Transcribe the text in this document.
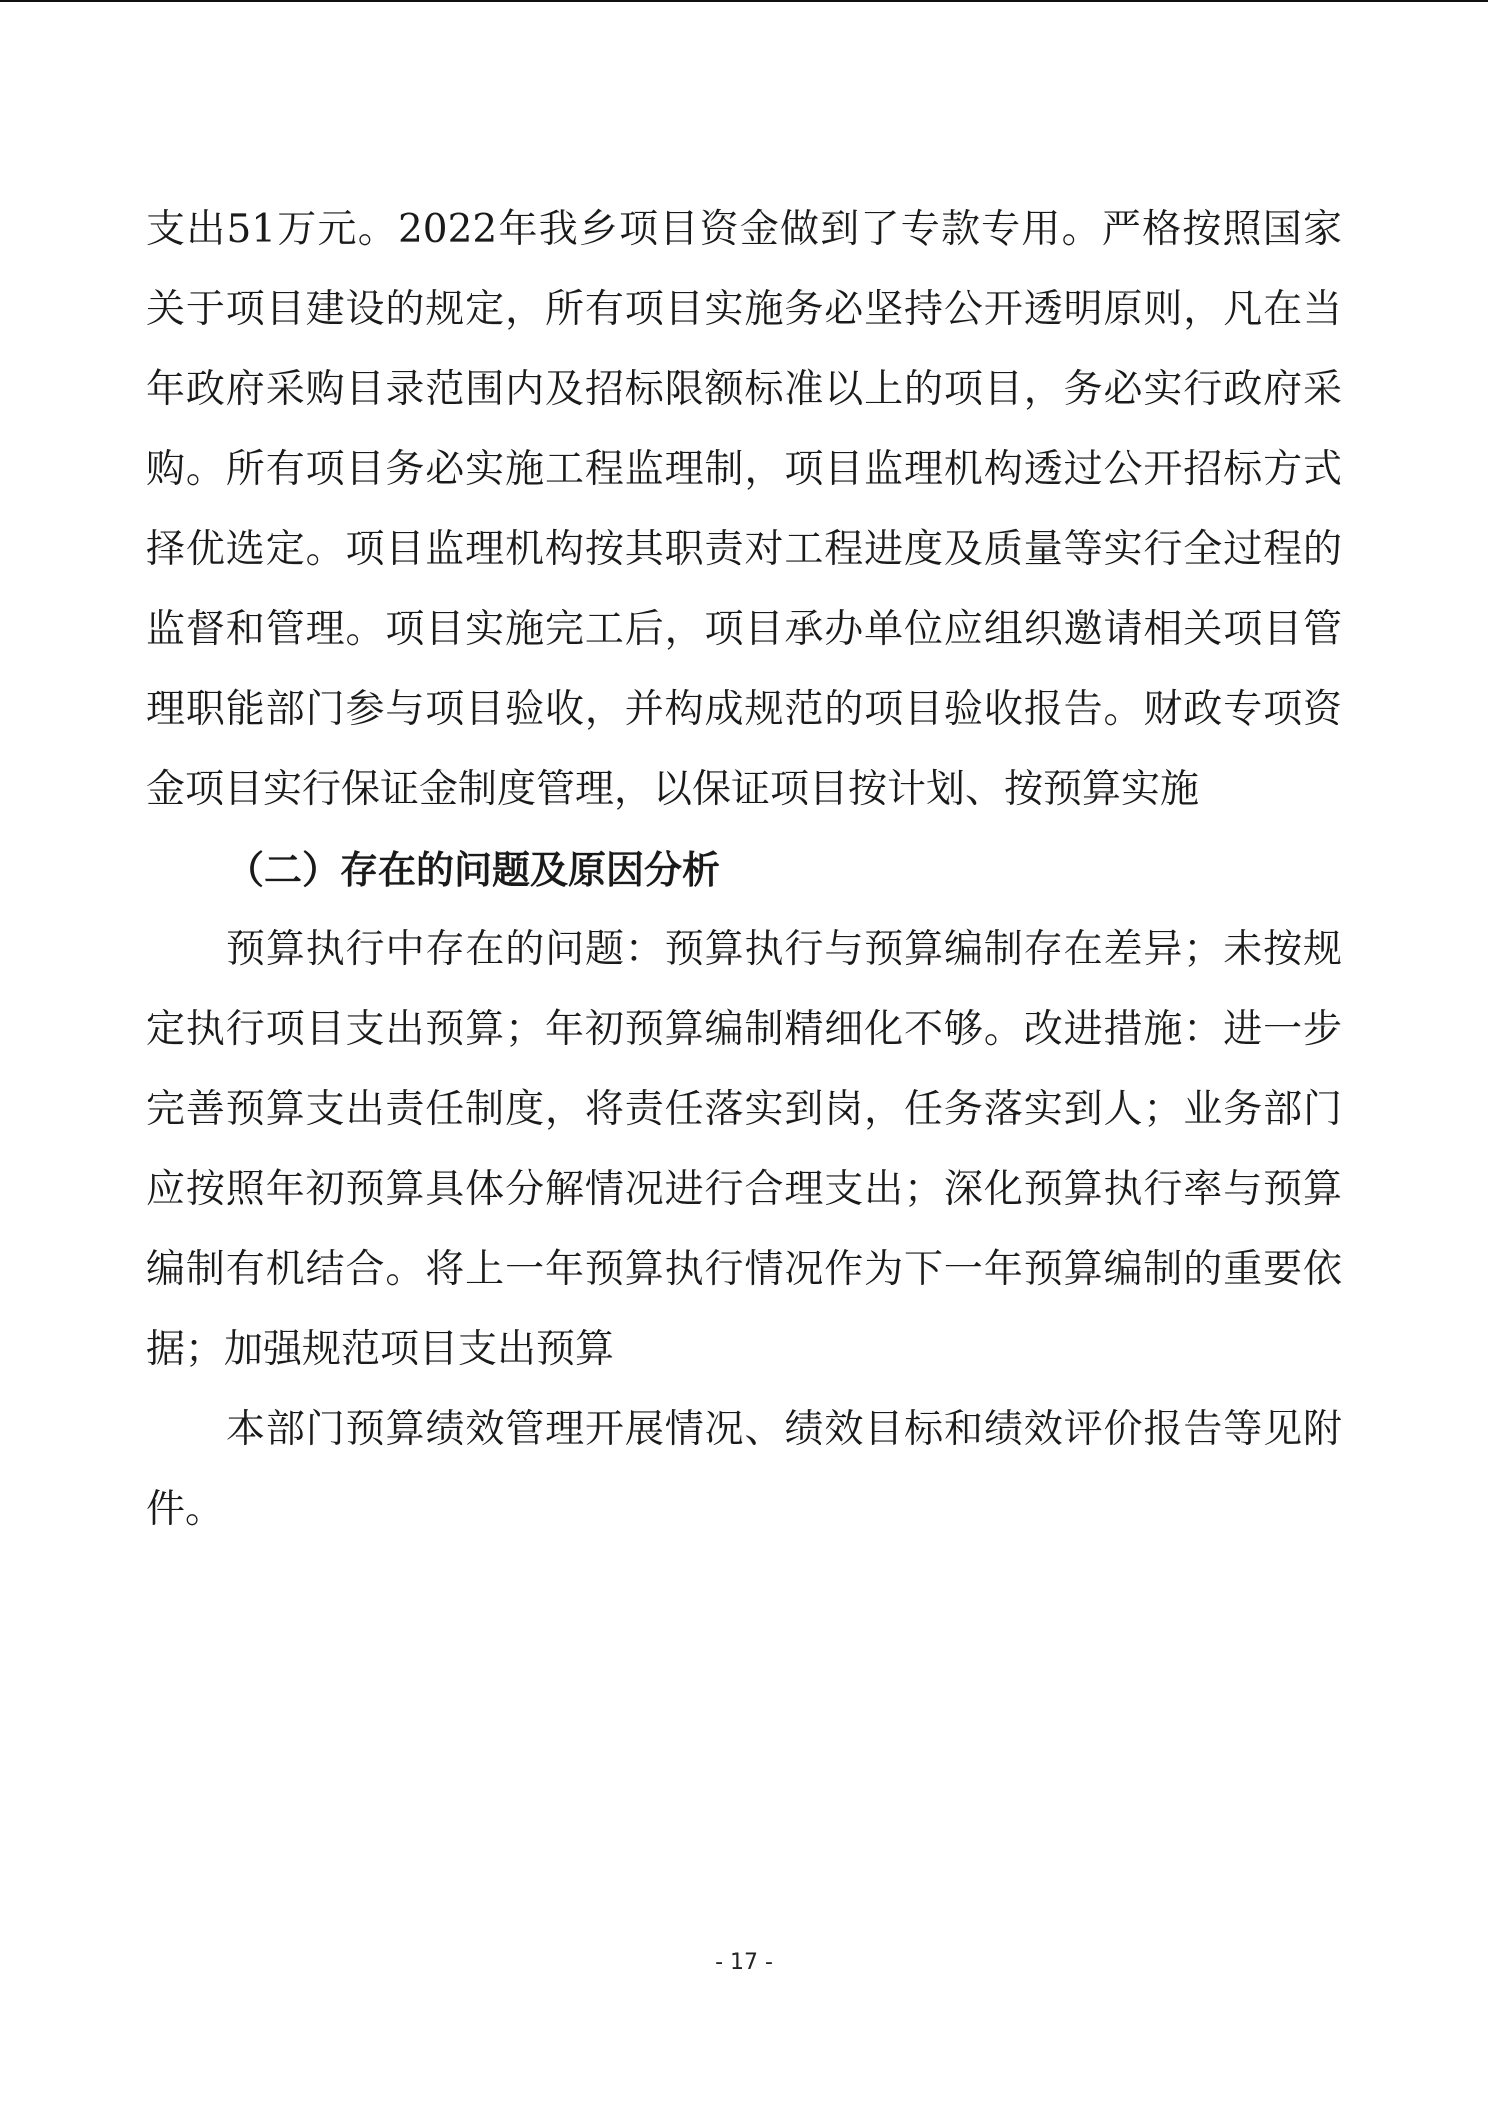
支出51万元。2022年我乡项目资金做到了专款专用。严格按照国家
关于项目建设的规定，所有项目实施务必坚持公开透明原则，凡在当
年政府采购目录范围内及招标限额标准以上的项目，务必实行政府采
购。所有项目务必实施工程监理制，项目监理机构透过公开招标方式
择优选定。项目监理机构按其职责对工程进度及质量等实行全过程的
监督和管理。项目实施完工后，项目承办单位应组织邀请相关项目管
理职能部门参与项目验收，并构成规范的项目验收报告。财政专项资
金项目实行保证金制度管理，以保证项目按计划、按预算实施
（二）存在的问题及原因分析
预算执行中存在的问题：预算执行与预算编制存在差异；未按规
定执行项目支出预算；年初预算编制精细化不够。改进措施：进一步
完善预算支出责任制度，将责任落实到岗，任务落实到人；业务部门
应按照年初预算具体分解情况进行合理支出；深化预算执行率与预算
编制有机结合。将上一年预算执行情况作为下一年预算编制的重要依
据；加强规范项目支出预算
本部门预算绩效管理开展情况、绩效目标和绩效评价报告等见附
件。
- 17 -
